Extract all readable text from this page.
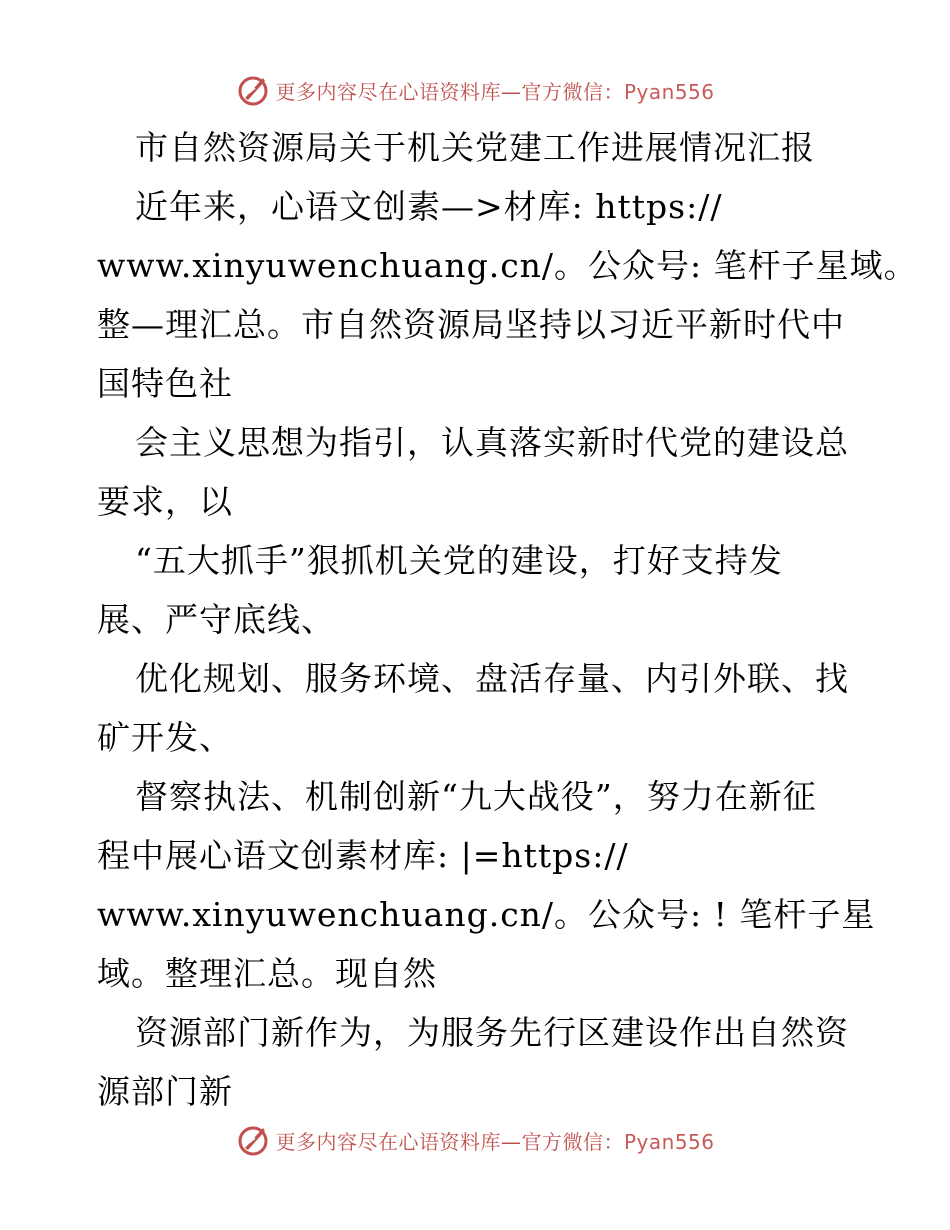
更多内容尽在心语资料库—官方微信：Pyan556
市自然资源局关于机关党建工作进展情况汇报
近年来，心语文创素—>材库: https://
www.xinyuwenchuang.cn/。公众号: 笔杆子星域。
整—理汇总。市自然资源局坚持以习近平新时代中
国特色社
会主义思想为指引，认真落实新时代党的建设总
要求，以
“五大抓手”狠抓机关党的建设，打好支持发
展、严守底线、
优化规划、服务环境、盘活存量、内引外联、找
矿开发、
督察执法、机制创新“九大战役”，努力在新征
程中展心语文创素材库: |=https://
www.xinyuwenchuang.cn/。公众号: ! 笔杆子星
域。整理汇总。现自然
资源部门新作为，为服务先行区建设作出自然资
源部门新
更多内容尽在心语资料库—官方微信：Pyan556
